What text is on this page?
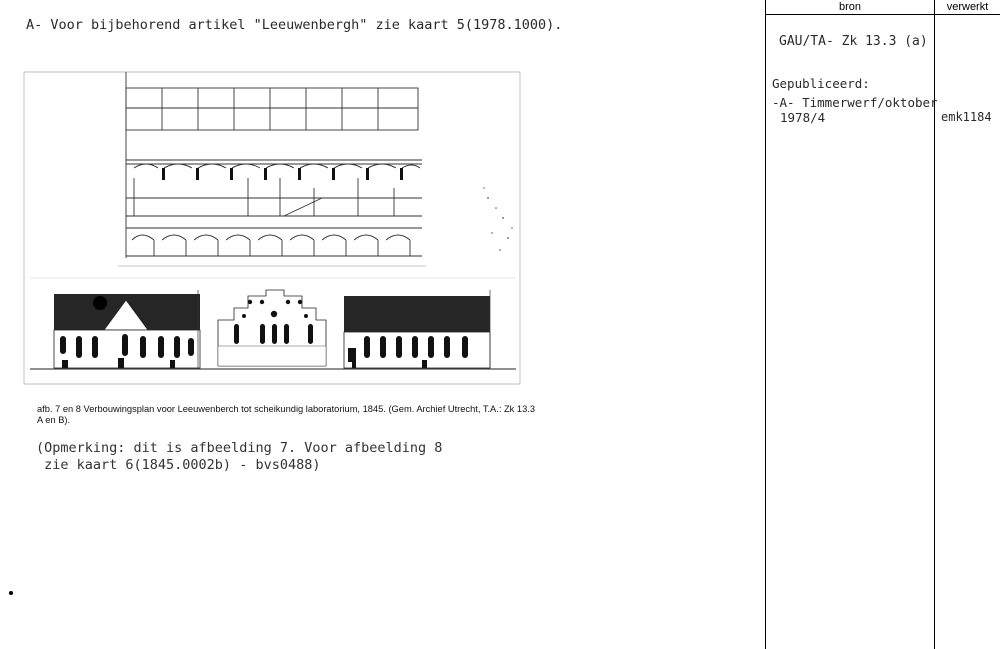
A- Voor bijbehorend artikel "Leeuwenbergh" zie kaart 5(1978.1000).
afb. 7 en 8 Verbouwingsplan voor Leeuwenberch tot scheikundig laboratorium, 1845. (Gem. Archief Utrecht, T.A.: Zk 13.3 A en B).
(Opmerking: dit is afbeelding 7. Voor afbeelding 8
zie kaart 6(1845.0002b) - bvs0488)
bron	verwerkt
GAU/TA- Zk 13.3 (a)
Gepubliceerd:
-A- Timmerwerf/oktober
1978/4	emk1184
